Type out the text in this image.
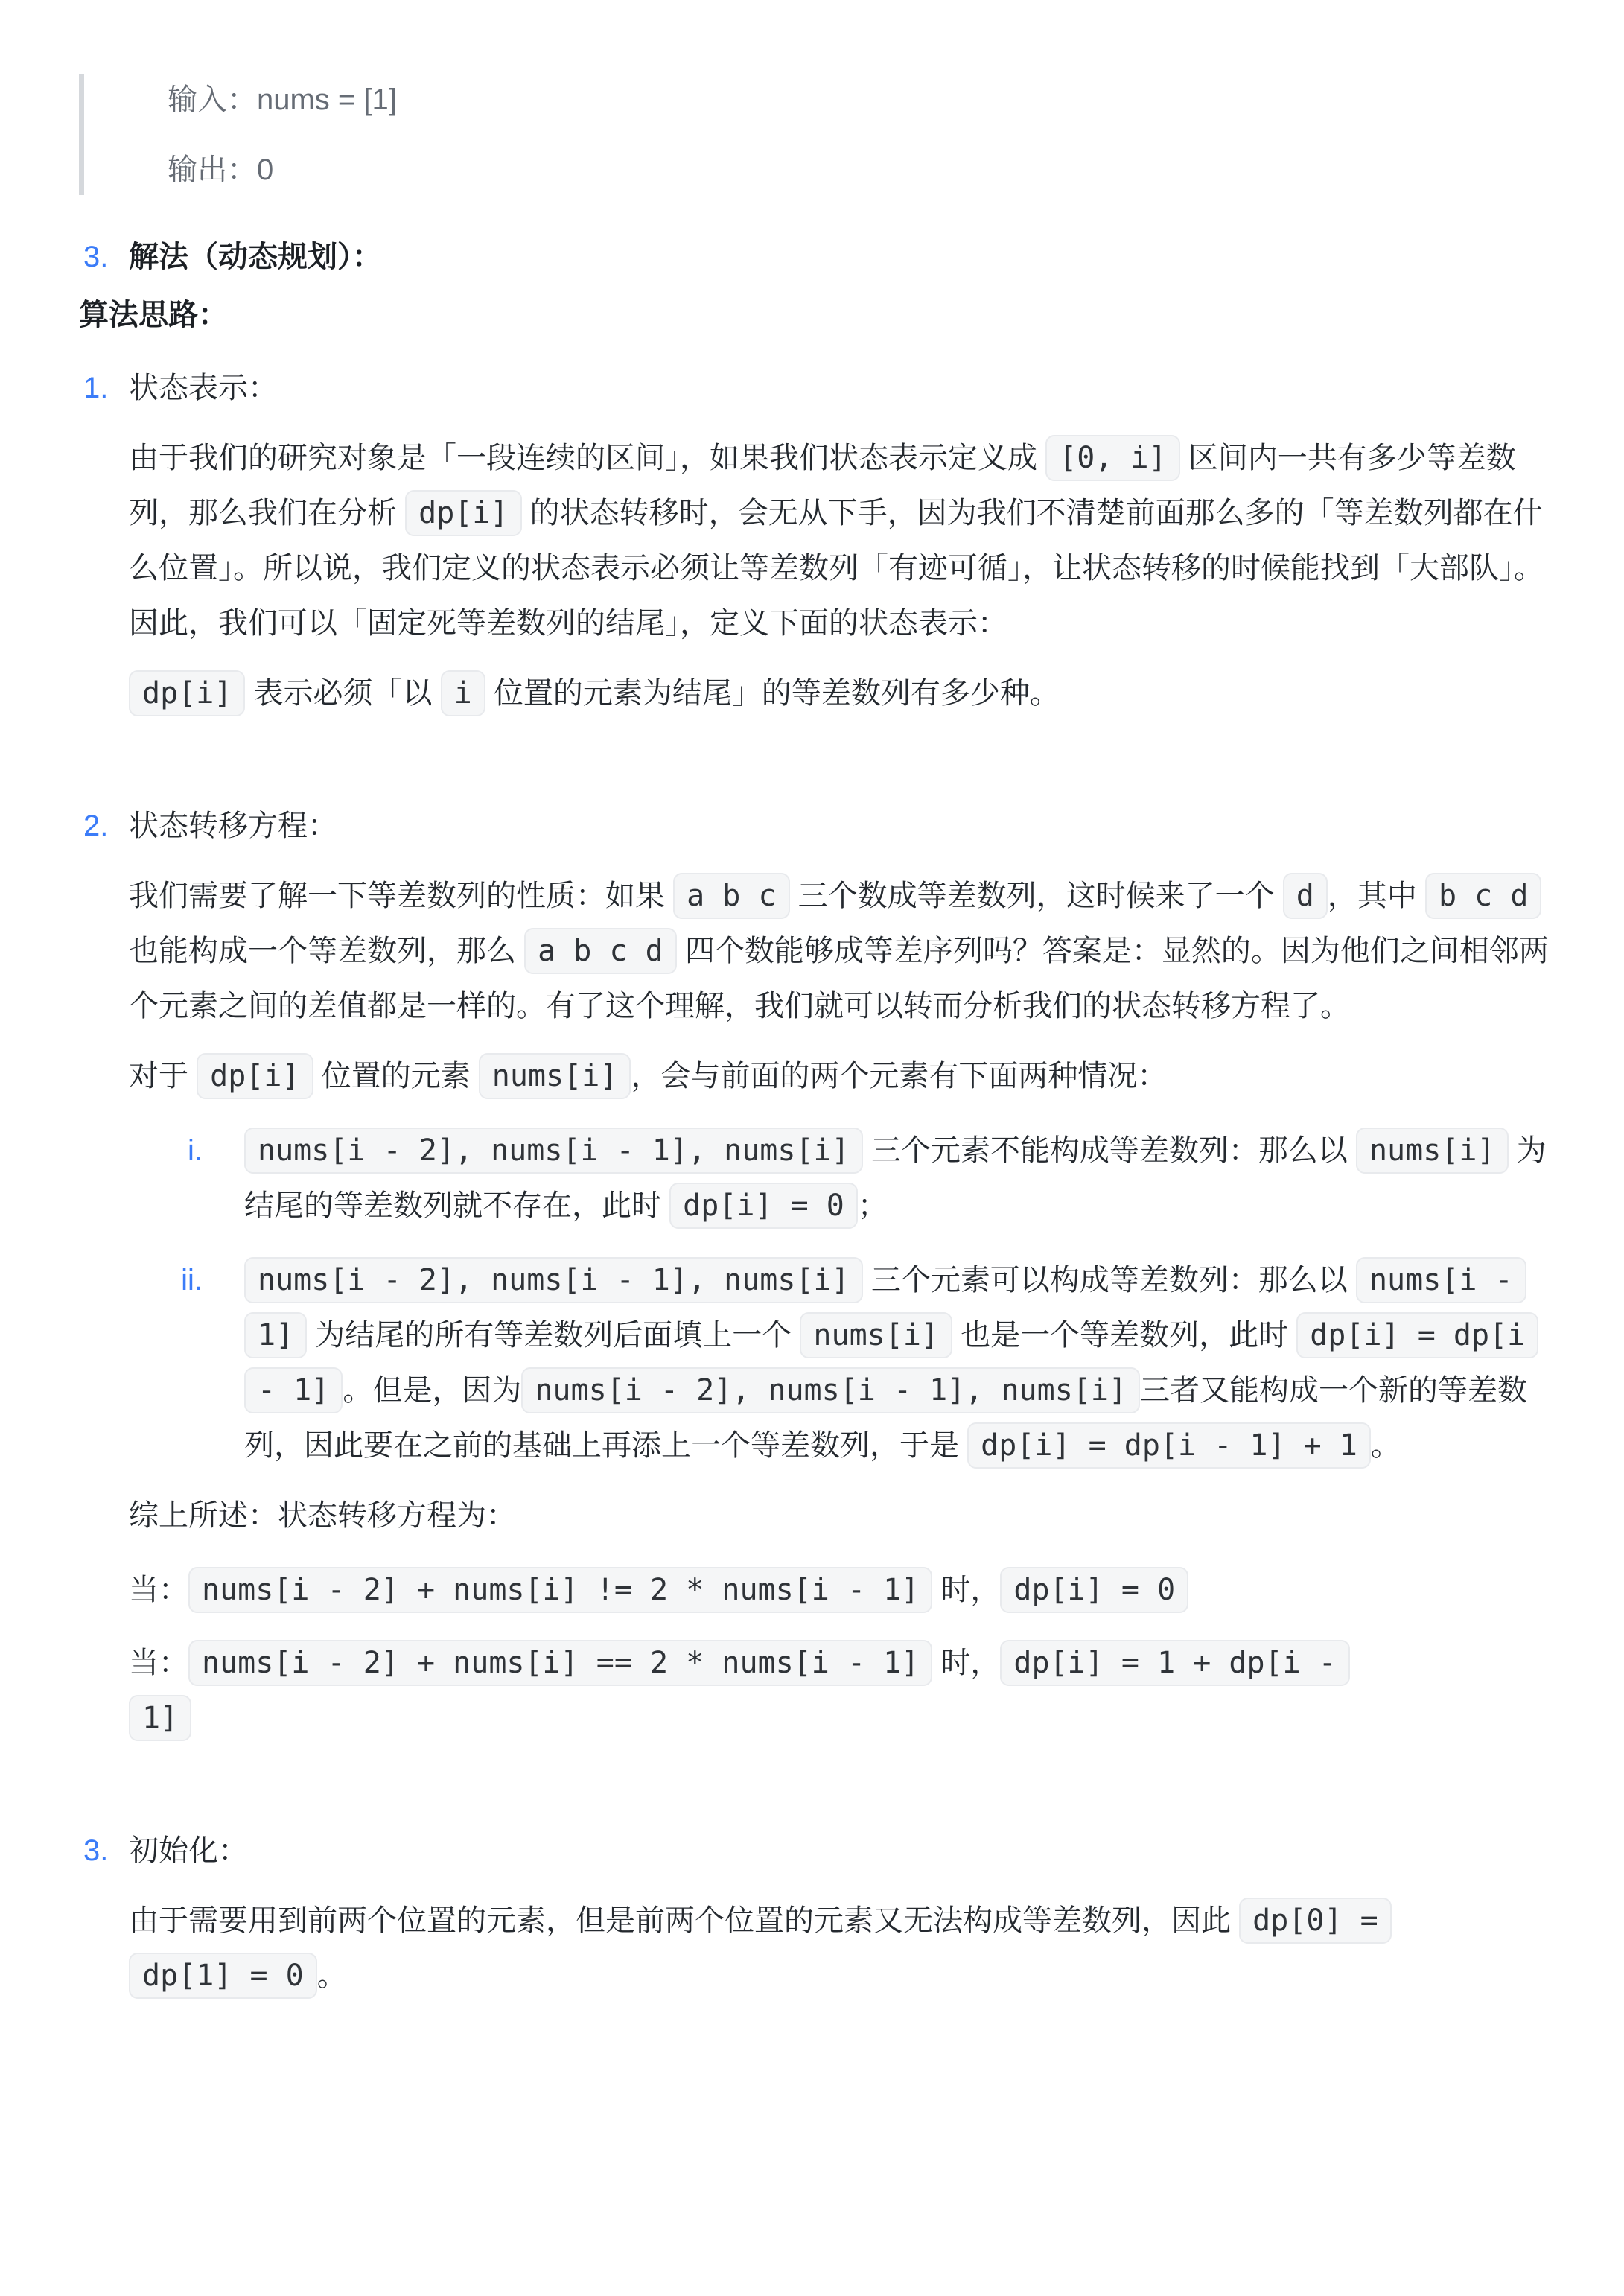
输入：nums = [1]

输出：0

3. 解法（动态规划）：

算法思路：

1. 状态表示：

由于我们的研究对象是「一段连续的区间」，如果我们状态表示定义成 [0, i] 区间内一共有多少等差数列，那么我们在分析 dp[i] 的状态转移时，会无从下手，因为我们不清楚前面那么多的「等差数列都在什么位置」。所以说，我们定义的状态表示必须让等差数列「有迹可循」，让状态转移的时候能找到「大部队」。因此，我们可以「固定死等差数列的结尾」，定义下面的状态表示：

dp[i] 表示必须「以 i 位置的元素为结尾」的等差数列有多少种。

2. 状态转移方程：

我们需要了解一下等差数列的性质：如果 a b c 三个数成等差数列，这时候来了一个 d ，其中 b c d 也能构成一个等差数列，那么 a b c d 四个数能够成等差序列吗？答案是：显然的。因为他们之间相邻两个元素之间的差值都是一样的。有了这个理解，我们就可以转而分析我们的状态转移方程了。

对于 dp[i] 位置的元素 nums[i] ，会与前面的两个元素有下面两种情况：

i.	nums[i - 2], nums[i - 1], nums[i] 三个元素不能构成等差数列：那么以 nums[i] 为结尾的等差数列就不存在，此时 dp[i] = 0 ；

ii.	nums[i - 2], nums[i - 1], nums[i] 三个元素可以构成等差数列：那么以 nums[i - 1] 为结尾的所有等差数列后面填上一个 nums[i] 也是一个等差数列，此时 dp[i] = dp[i - 1] 。但是，因为 nums[i - 2], nums[i - 1], nums[i] 三者又能构成一个新的等差数列，因此要在之前的基础上再添上一个等差数列，于是 dp[i] = dp[i - 1] + 1 。

综上所述：状态转移方程为：

当： nums[i - 2] + nums[i] != 2 * nums[i - 1] 时， dp[i] = 0

当： nums[i - 2] + nums[i] == 2 * nums[i - 1] 时， dp[i] = 1 + dp[i - 1]

3. 初始化：

由于需要用到前两个位置的元素，但是前两个位置的元素又无法构成等差数列，因此 dp[0] = dp[1] = 0 。
